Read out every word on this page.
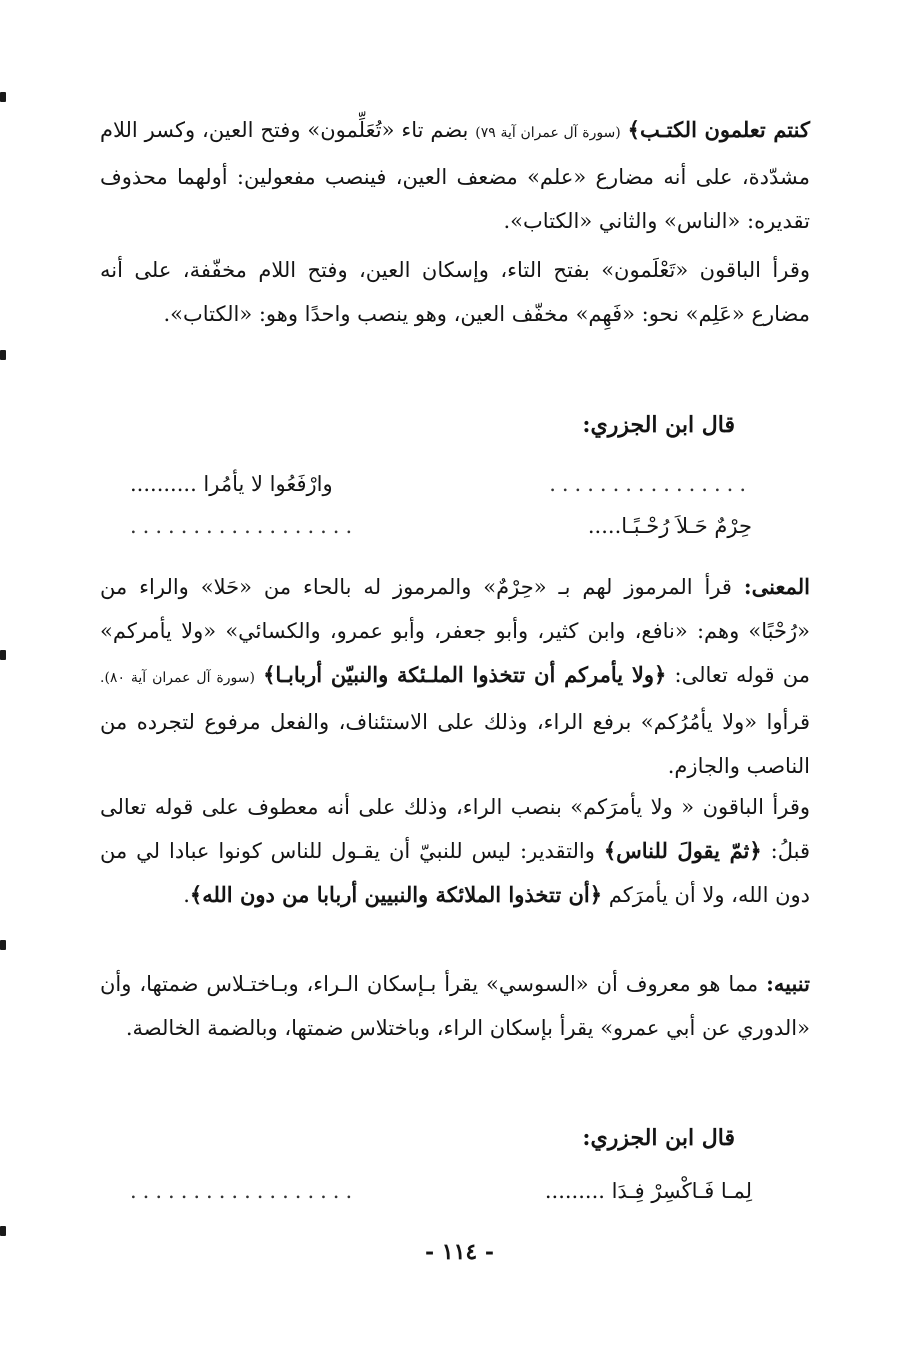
كنتم تعلمون الكتـب﴾ (سورة آل عمران آية ٧٩) بضم تاء «تُعَلِّمون» وفتح العين، وكسر اللام مشدّدة، على أنه مضارع «علم» مضعف العين، فينصب مفعولين: أولهما محذوف تقديره: «الناس» والثاني «الكتاب».

وقرأ الباقون «تَعْلَمون» بفتح التاء، وإسكان العين، وفتح اللام مخفّفة، على أنه مضارع «عَلِم» نحو: «فَهِم» مخفّف العين، وهو ينصب واحدًا وهو: «الكتاب».

قال ابن الجزري:
................
وارْفَعُوا لا يأمُرا ..........
حِرْمٌ حَـلاَ رُحْـبًـا.....
..................

المعنى: قرأ المرموز لهم بـ «حِرْمٌ» والمرموز له بالحاء من «حَلا» والراء من «رُحْبًا» وهم: «نافع، وابن كثير، وأبو جعفر، وأبو عمرو، والكسائي» «ولا يأمركم» من قوله تعالى: ﴿ولا يأمركم أن تتخذوا الملـئكة والنبيّن أربابـا﴾ (سورة آل عمران آية ٨٠). قرأوا «ولا يأمُرُكم» برفع الراء، وذلك على الاستئناف، والفعل مرفوع لتجرده من الناصب والجازم.

وقرأ الباقون « ولا يأمرَكم» بنصب الراء، وذلك على أنه معطوف على قوله تعالى قبلُ: ﴿ثمّ يقولَ للناس﴾ والتقدير: ليس للنبيّ أن يقـول للناس كونوا عبادا لي من دون الله، ولا أن يأمرَكم ﴿أن تتخذوا الملائكة والنبيين أربابا من دون الله﴾.

تنبيه: مما هو معروف أن «السوسي» يقرأ بـإسكان الـراء، وبـاختـلاس ضمتها، وأن «الدوري عن أبي عمرو» يقرأ بإسكان الراء، وباختلاس ضمتها، وبالضمة الخالصة.

قال ابن الجزري:
لِمـا فَـاكْسِرْ فِـدَا .........
..................
- ١١٤ -
